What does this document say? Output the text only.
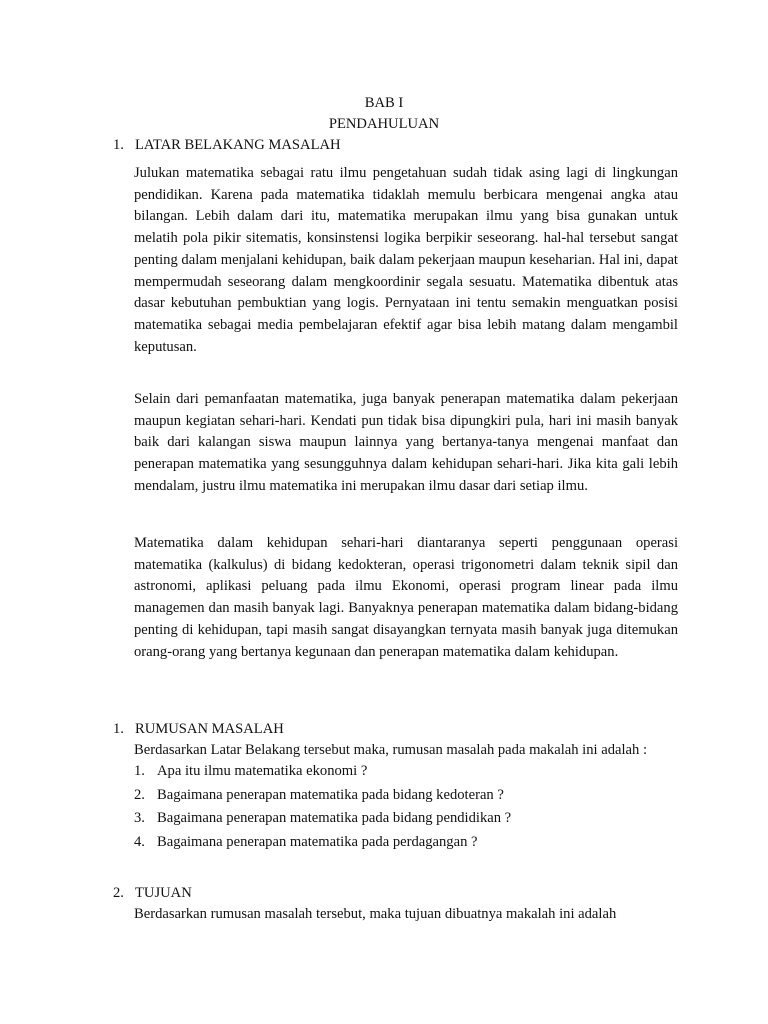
BAB I
PENDAHULUAN
1. LATAR BELAKANG MASALAH

Julukan matematika sebagai ratu ilmu pengetahuan sudah tidak asing lagi di lingkungan pendidikan. Karena pada matematika tidaklah memulu berbicara mengenai angka atau bilangan. Lebih dalam dari itu, matematika merupakan ilmu yang bisa gunakan untuk melatih pola pikir sitematis, konsinstensi logika berpikir seseorang. hal-hal tersebut sangat penting dalam menjalani kehidupan, baik dalam pekerjaan maupun keseharian. Hal ini, dapat mempermudah seseorang dalam mengkoordinir segala sesuatu. Matematika dibentuk atas dasar kebutuhan pembuktian yang logis. Pernyataan ini tentu semakin menguatkan posisi matematika sebagai media pembelajaran efektif agar bisa lebih matang dalam mengambil keputusan.

Selain dari pemanfaatan matematika, juga banyak penerapan matematika dalam pekerjaan maupun kegiatan sehari-hari. Kendati pun tidak bisa dipungkiri pula, hari ini masih banyak baik dari kalangan siswa maupun lainnya yang bertanya-tanya mengenai manfaat dan penerapan matematika yang sesungguhnya dalam kehidupan sehari-hari. Jika kita gali lebih mendalam, justru ilmu matematika ini merupakan ilmu dasar dari setiap ilmu.

Matematika dalam kehidupan sehari-hari diantaranya seperti penggunaan operasi matematika (kalkulus) di bidang kedokteran, operasi trigonometri dalam teknik sipil dan astronomi, aplikasi peluang pada ilmu Ekonomi, operasi program linear pada ilmu managemen dan masih banyak lagi. Banyaknya penerapan matematika dalam bidang-bidang penting di kehidupan, tapi masih sangat disayangkan ternyata masih banyak juga ditemukan orang-orang yang bertanya kegunaan dan penerapan matematika dalam kehidupan.

1. RUMUSAN MASALAH
Berdasarkan Latar Belakang tersebut maka, rumusan masalah pada makalah ini adalah :
1. Apa itu ilmu matematika ekonomi ?
2. Bagaimana penerapan matematika pada bidang kedoteran ?
3. Bagaimana penerapan matematika pada bidang pendidikan ?
4. Bagaimana penerapan matematika pada perdagangan ?
2. TUJUAN
Berdasarkan rumusan masalah tersebut, maka tujuan dibuatnya makalah ini adalah
